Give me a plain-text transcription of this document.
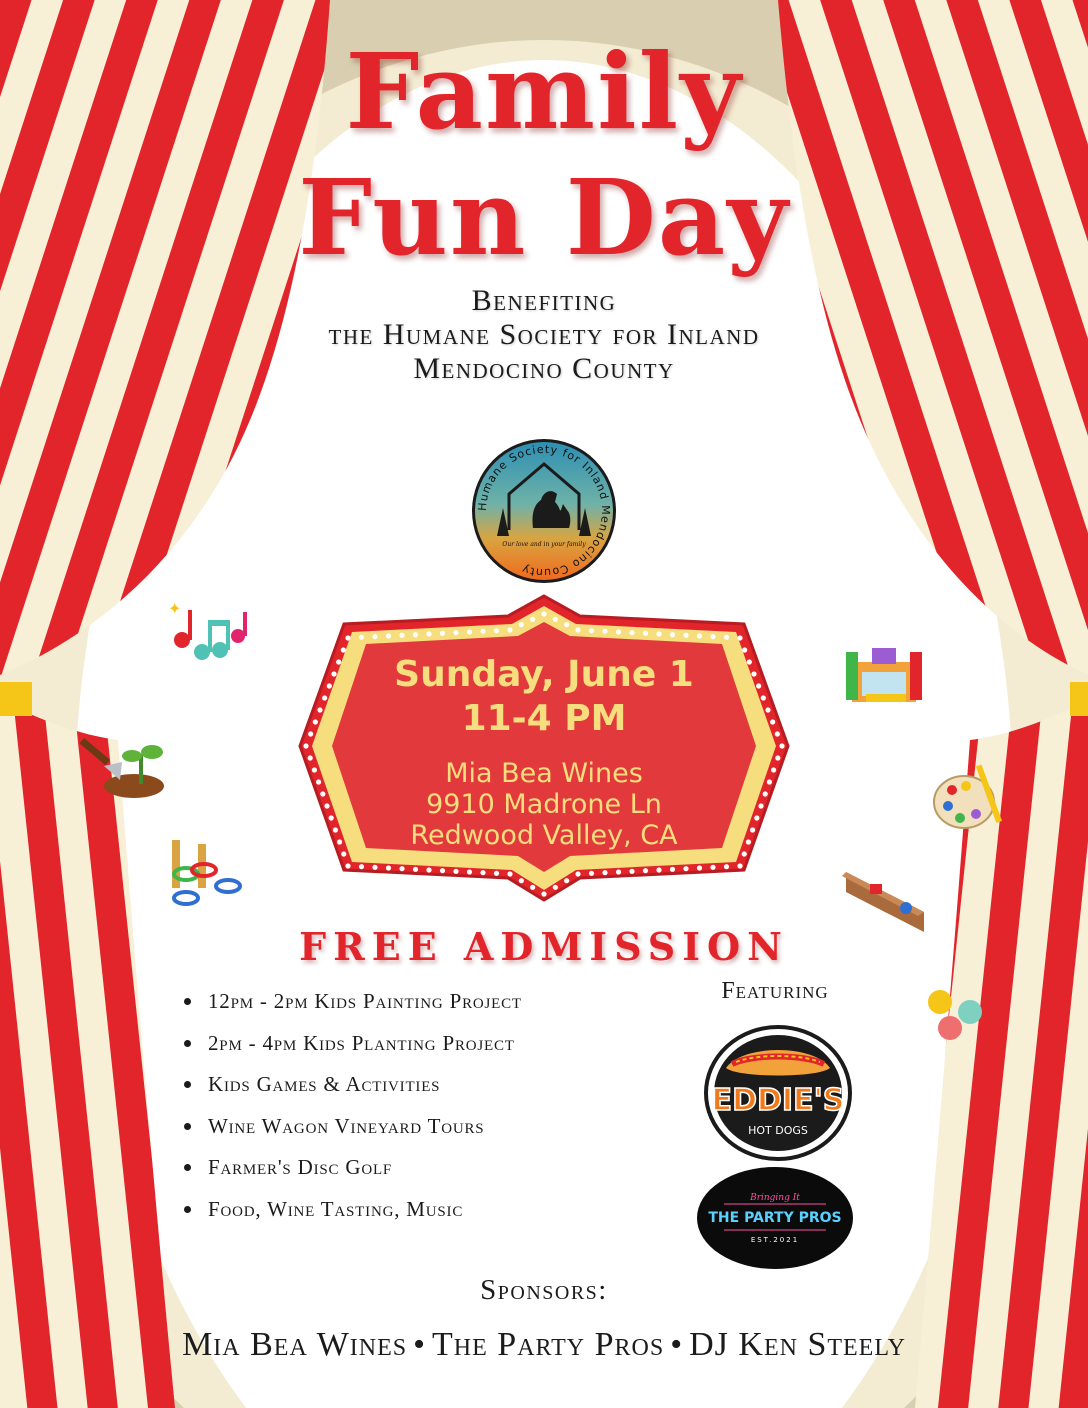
✦
Family
Fun Day
Benefiting
the Humane Society for Inland
Mendocino County
Humane Society for Inland Mendocino County
Our love and in your family
Sunday, June 1
11-4 PM
Mia Bea Wines
9910 Madrone Ln
Redwood Valley, CA
FREE ADMISSION
12pm - 2pm Kids Painting Project
2pm - 4pm Kids Planting Project
Kids Games & Activities
Wine Wagon Vineyard Tours
Farmer's Disc Golf
Food, Wine Tasting, Music
Featuring
EDDIE'S
HOT DOGS
Bringing It
THE PARTY PROS
EST.2021
Sponsors:
Mia Bea Wines • The Party Pros • DJ Ken Steely
